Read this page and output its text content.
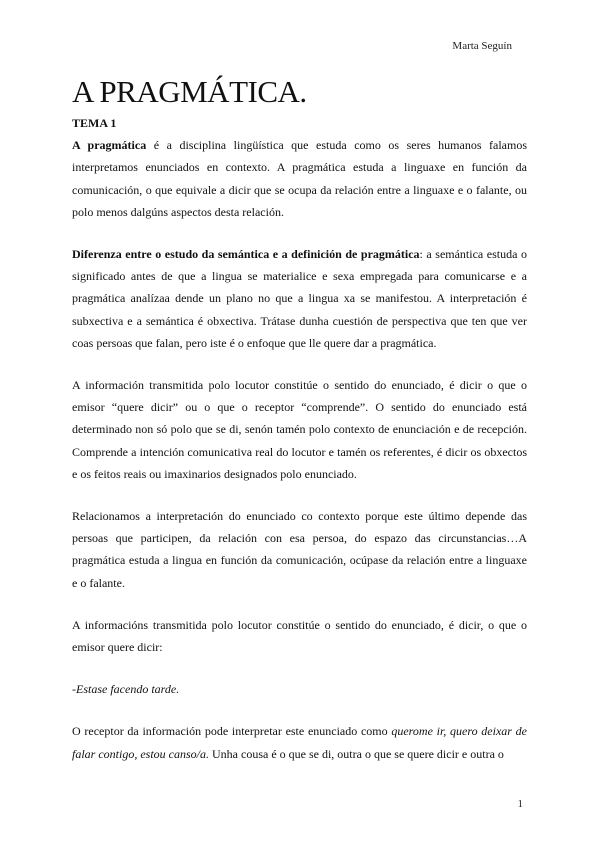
Marta Seguín
A PRAGMÁTICA.

TEMA 1

A pragmática é a disciplina lingüística que estuda como os seres humanos falamos interpretamos enunciados en contexto. A pragmática estuda a linguaxe en función da comunicación, o que equivale a dicir que se ocupa da relación entre a linguaxe e o falante, ou polo menos dalgúns aspectos desta relación.

Diferenza entre o estudo da semántica e a definición de pragmática: a semántica estuda o significado antes de que a lingua se materialice e sexa empregada para comunicarse e a pragmática analízaa dende un plano no que a lingua xa se manifestou. A interpretación é subxectiva e a semántica é obxectiva. Trátase dunha cuestión de perspectiva que ten que ver coas persoas que falan, pero iste é o enfoque que lle quere dar a pragmática.

A información transmitida polo locutor constitúe o sentido do enunciado, é dicir o que o emisor “quere dicir” ou o que o receptor “comprende”. O sentido do enunciado está determinado non só polo que se di, senón tamén polo contexto de enunciación e de recepción. Comprende a intención comunicativa real do locutor e tamén os referentes, é dicir os obxectos e os feitos reais ou imaxinarios designados polo enunciado.

Relacionamos a interpretación do enunciado co contexto porque este último depende das persoas que participen, da relación con esa persoa, do espazo das circunstancias…A pragmática estuda a lingua en función da comunicación, ocúpase da relación entre a linguaxe e o falante.

A informacións transmitida polo locutor constitúe o sentido do enunciado, é dicir, o que o emisor quere dicir:

-Estase facendo tarde.

O receptor da información pode interpretar este enunciado como querome ir, quero deixar de falar contigo, estou canso/a. Unha cousa é o que se di, outra o que se quere dicir e outra o

1
